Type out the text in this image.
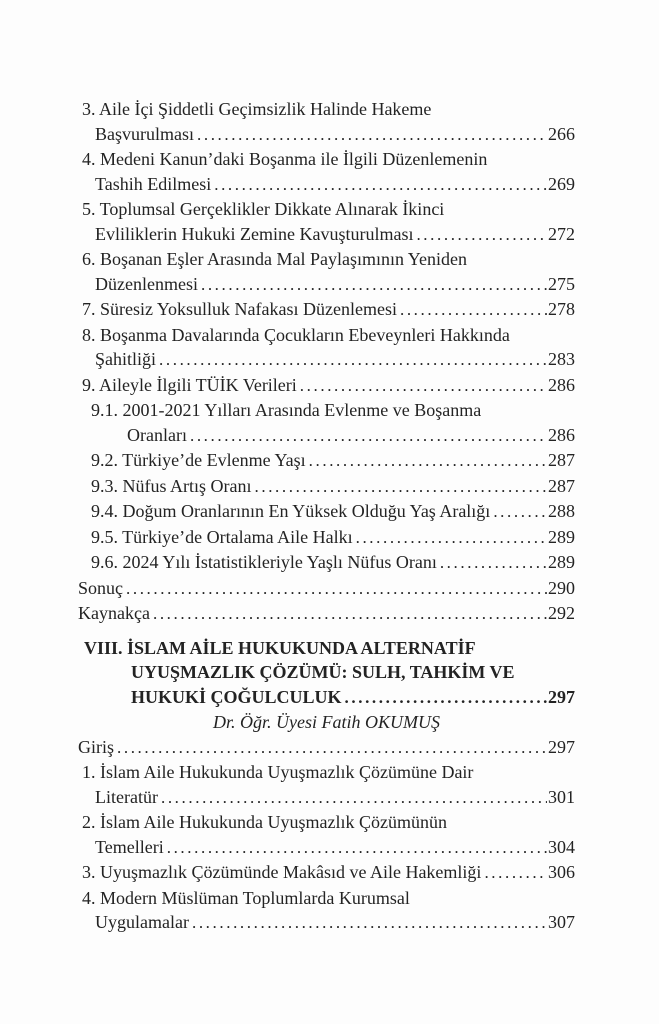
3. Aile İçi Şiddetli Geçimsizlik Halinde Hakeme
Başvurulması .....	266
4. Medeni Kanun’daki Boşanma ile İlgili Düzenlemenin
Tashih Edilmesi .....	269
5. Toplumsal Gerçeklikler Dikkate Alınarak İkinci
Evliliklerin Hukuki Zemine Kavuşturulması .....	272
6. Boşanan Eşler Arasında Mal Paylaşımının Yeniden
Düzenlenmesi .....	275
7. Süresiz Yoksulluk Nafakası Düzenlemesi .....	278
8. Boşanma Davalarında Çocukların Ebeveynleri Hakkında
Şahitliği .....	283
9. Aileyle İlgili TÜİK Verileri .....	286
9.1. 2001-2021 Yılları Arasında Evlenme ve Boşanma
Oranları .....	286
9.2. Türkiye’de Evlenme Yaşı .....	287
9.3. Nüfus Artış Oranı .....	287
9.4. Doğum Oranlarının En Yüksek Olduğu Yaş Aralığı .....	288
9.5. Türkiye’de Ortalama Aile Halkı .....	289
9.6. 2024 Yılı İstatistikleriyle Yaşlı Nüfus Oranı .....	289
Sonuç .....	290
Kaynakça .....	292
VIII. İSLAM AİLE HUKUKUNDA ALTERNATİF
UYUŞMAZLIK ÇÖZÜMÜ: SULH, TAHKİM VE
HUKUKİ ÇOĞULCULUK .....	297
Dr. Öğr. Üyesi Fatih OKUMUŞ
Giriş .....	297
1. İslam Aile Hukukunda Uyuşmazlık Çözümüne Dair
Literatür .....	301
2. İslam Aile Hukukunda Uyuşmazlık Çözümünün
Temelleri .....	304
3. Uyuşmazlık Çözümünde Makâsıd ve Aile Hakemliği .....	306
4. Modern Müslüman Toplumlarda Kurumsal
Uygulamalar .....	307
